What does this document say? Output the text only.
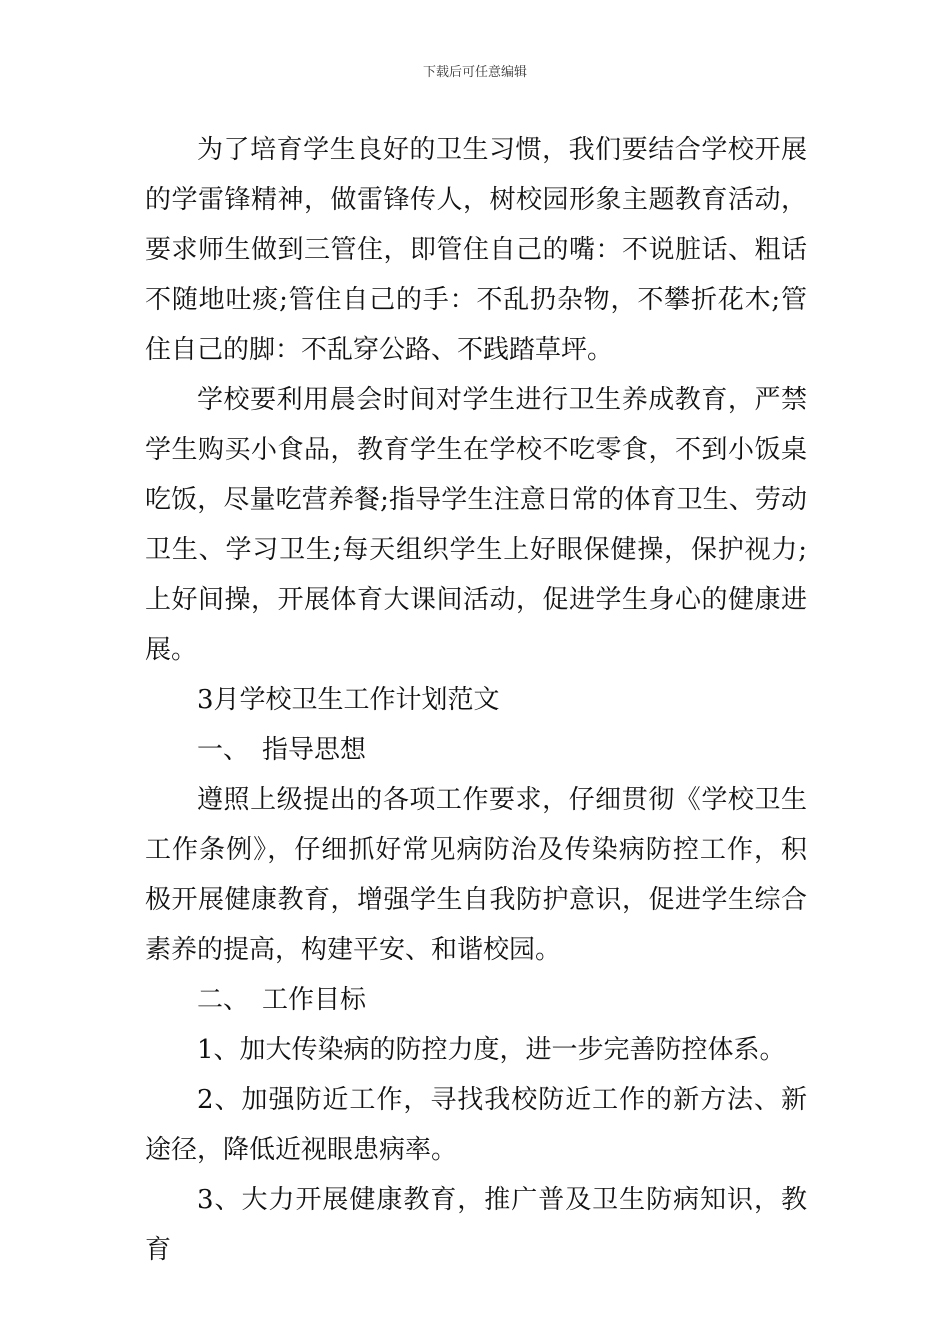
下载后可任意编辑

为了培育学生良好的卫生习惯，我们要结合学校开展的学雷锋精神，做雷锋传人，树校园形象主题教育活动，要求师生做到三管住，即管住自己的嘴：不说脏话、粗话不随地吐痰;管住自己的手：不乱扔杂物，不攀折花木;管住自己的脚：不乱穿公路、不践踏草坪。

学校要利用晨会时间对学生进行卫生养成教育，严禁学生购买小食品，教育学生在学校不吃零食，不到小饭桌吃饭，尽量吃营养餐;指导学生注意日常的体育卫生、劳动卫生、学习卫生;每天组织学生上好眼保健操，保护视力;上好间操，开展体育大课间活动，促进学生身心的健康进展。

3月学校卫生工作计划范文

一、　指导思想

遵照上级提出的各项工作要求，仔细贯彻《学校卫生工作条例》，仔细抓好常见病防治及传染病防控工作，积极开展健康教育，增强学生自我防护意识，促进学生综合素养的提高，构建平安、和谐校园。

二、　工作目标

1、加大传染病的防控力度，进一步完善防控体系。

2、加强防近工作，寻找我校防近工作的新方法、新途径，降低近视眼患病率。

3、大力开展健康教育，推广普及卫生防病知识，教育
